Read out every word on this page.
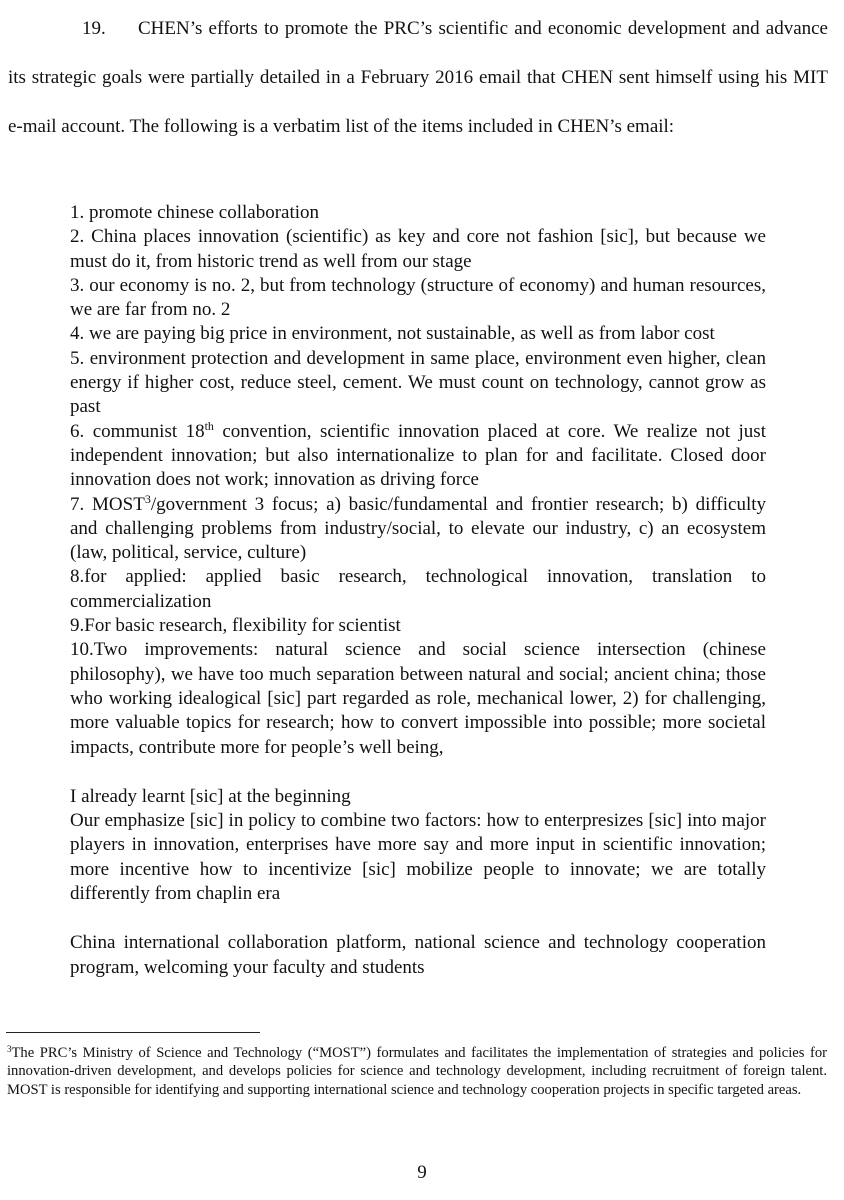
19. CHEN’s efforts to promote the PRC’s scientific and economic development and advance its strategic goals were partially detailed in a February 2016 email that CHEN sent himself using his MIT e-mail account. The following is a verbatim list of the items included in CHEN’s email:

1. promote chinese collaboration
2. China places innovation (scientific) as key and core not fashion [sic], but because we must do it, from historic trend as well from our stage
3. our economy is no. 2, but from technology (structure of economy) and human resources, we are far from no. 2
4. we are paying big price in environment, not sustainable, as well as from labor cost
5. environment protection and development in same place, environment even higher, clean energy if higher cost, reduce steel, cement. We must count on technology, cannot grow as past
6. communist 18th convention, scientific innovation placed at core. We realize not just independent innovation; but also internationalize to plan for and facilitate. Closed door innovation does not work; innovation as driving force
7. MOST$^3$/government 3 focus; a) basic/fundamental and frontier research; b) difficulty and challenging problems from industry/social, to elevate our industry, c) an ecosystem (law, political, service, culture)
8.for applied: applied basic research, technological innovation, translation to commercialization
9.For basic research, flexibility for scientist
10.Two improvements: natural science and social science intersection (chinese philosophy), we have too much separation between natural and social; ancient china; those who working idealogical [sic] part regarded as role, mechanical lower, 2) for challenging, more valuable topics for research; how to convert impossible into possible; more societal impacts, contribute more for people’s well being,
I already learnt [sic] at the beginning
Our emphasize [sic] in policy to combine two factors: how to enterpresizes [sic] into major players in innovation, enterprises have more say and more input in scientific innovation; more incentive how to incentivize [sic] mobilize people to innovate; we are totally differently from chaplin era
China international collaboration platform, national science and technology cooperation program, welcoming your faculty and students

$^3$The PRC’s Ministry of Science and Technology (“MOST”) formulates and facilitates the implementation of strategies and policies for innovation-driven development, and develops policies for science and technology development, including recruitment of foreign talent. MOST is responsible for identifying and supporting international science and technology cooperation projects in specific targeted areas.

9
